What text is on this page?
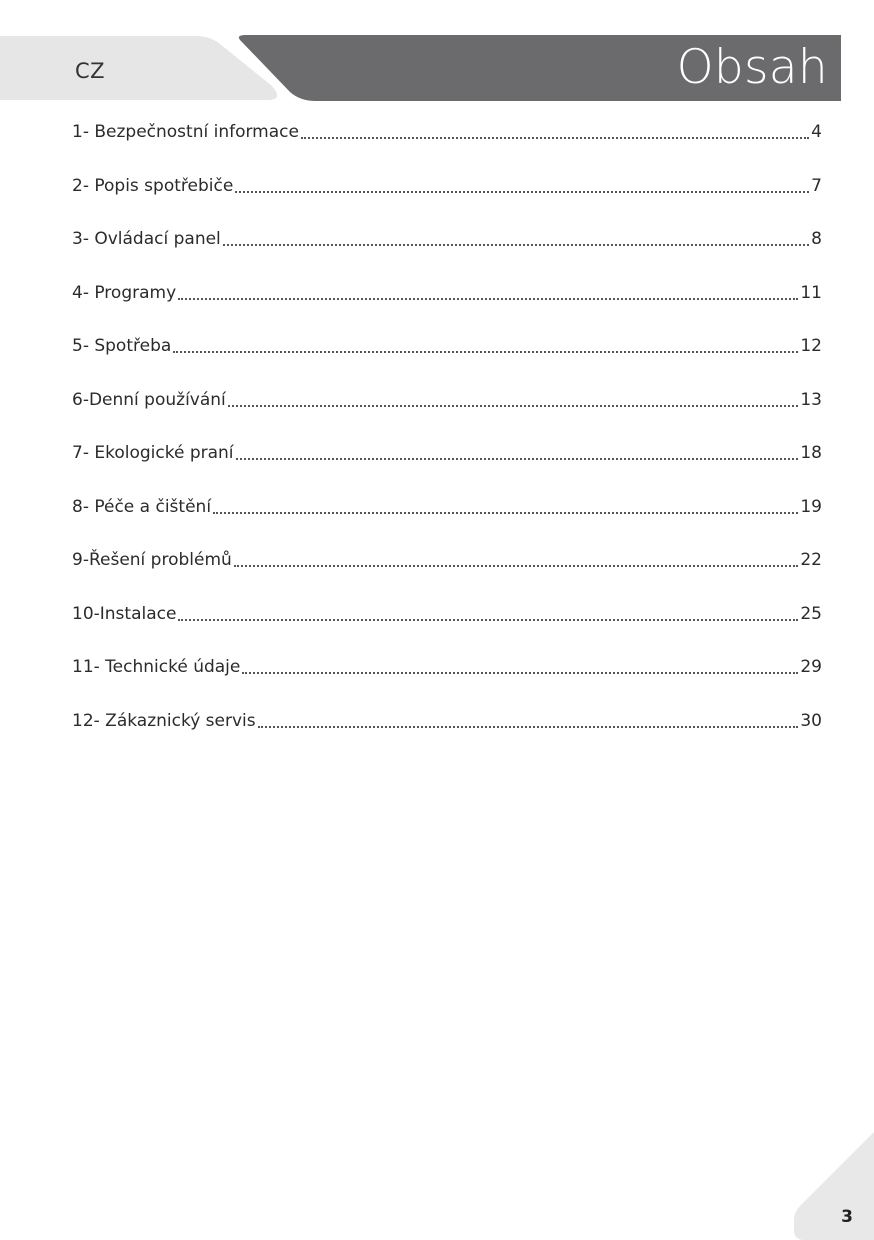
CZ	Obsah
1- Bezpečnostní informace	4
2- Popis spotřebiče	7
3- Ovládací panel	8
4- Programy	11
5- Spotřeba	12
6-Denní používání	13
7- Ekologické praní	18
8- Péče a čištění	19
9-Řešení problémů	22
10-Instalace	25
11- Technické údaje	29
12- Zákaznický servis	30
3
